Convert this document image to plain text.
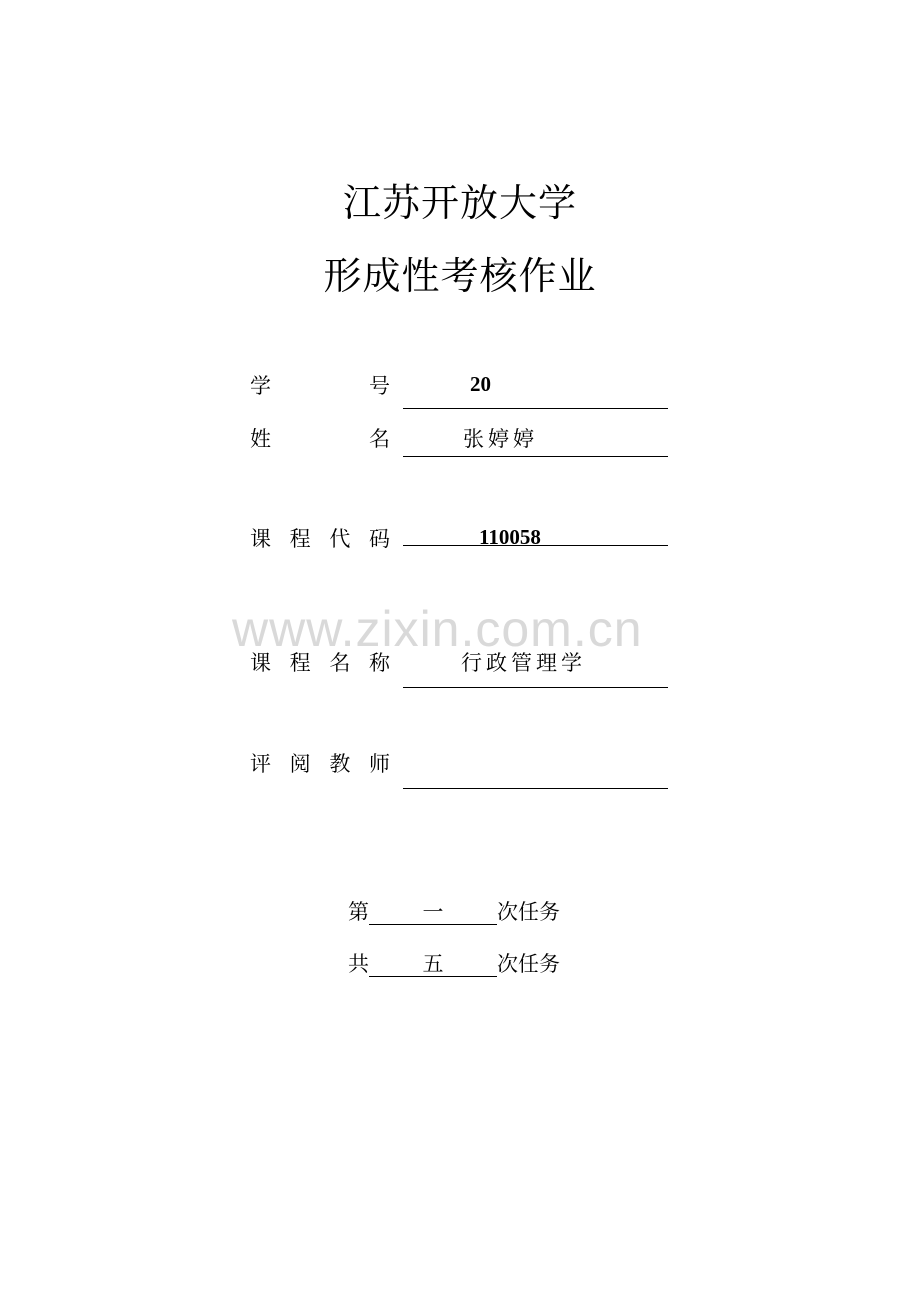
www.zixin.com.cn
江苏开放大学
形成性考核作业
学	号	20
姓	名	张婷婷
课 程 代 码	110058
课 程 名 称	行政管理学
评 阅 教 师
第	一	次任务
共	五	次任务
